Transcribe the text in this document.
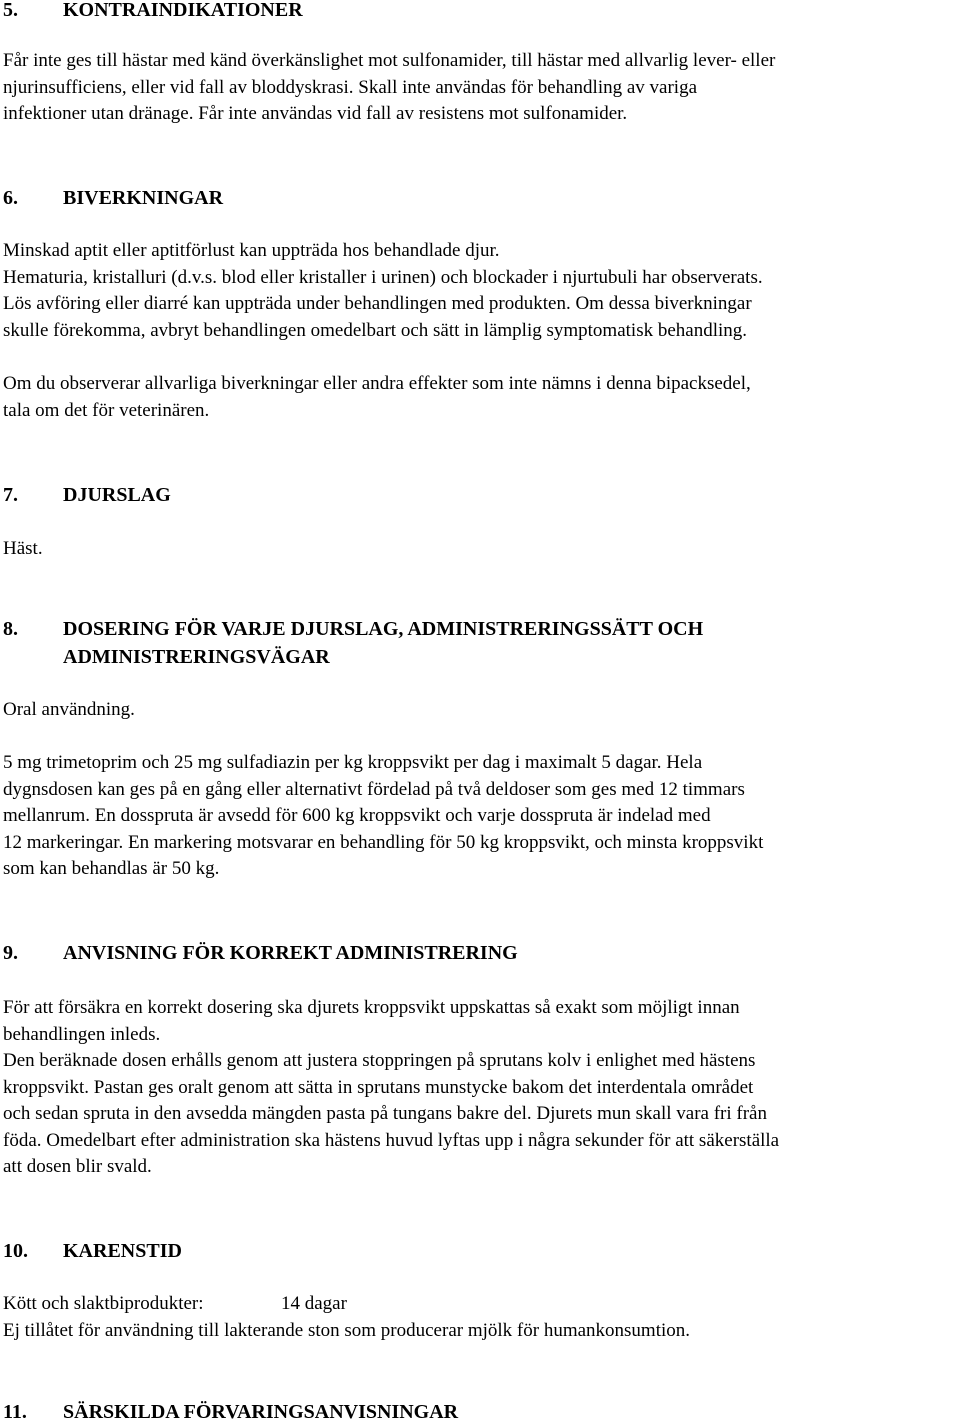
5. KONTRAINDIKATIONER
Får inte ges till hästar med känd överkänslighet mot sulfonamider, till hästar med allvarlig lever- eller
njurinsufficiens, eller vid fall av bloddyskrasi. Skall inte användas för behandling av variga
infektioner utan dränage. Får inte användas vid fall av resistens mot sulfonamider.
6. BIVERKNINGAR
Minskad aptit eller aptitförlust kan uppträda hos behandlade djur.
Hematuria, kristalluri (d.v.s. blod eller kristaller i urinen) och blockader i njurtubuli har observerats.
Lös avföring eller diarré kan uppträda under behandlingen med produkten. Om dessa biverkningar
skulle förekomma, avbryt behandlingen omedelbart och sätt in lämplig symptomatisk behandling.
Om du observerar allvarliga biverkningar eller andra effekter som inte nämns i denna bipacksedel,
tala om det för veterinären.
7. DJURSLAG
Häst.
8. DOSERING FÖR VARJE DJURSLAG, ADMINISTRERINGSSÄTT OCH
ADMINISTRERINGSVÄGAR
Oral användning.
5 mg trimetoprim och 25 mg sulfadiazin per kg kroppsvikt per dag i maximalt 5 dagar. Hela
dygnsdosen kan ges på en gång eller alternativt fördelad på två deldoser som ges med 12 timmars
mellanrum. En dosspruta är avsedd för 600 kg kroppsvikt och varje dosspruta är indelad med
12 markeringar. En markering motsvarar en behandling för 50 kg kroppsvikt, och minsta kroppsvikt
som kan behandlas är 50 kg.
9. ANVISNING FÖR KORREKT ADMINISTRERING
För att försäkra en korrekt dosering ska djurets kroppsvikt uppskattas så exakt som möjligt innan
behandlingen inleds.
Den beräknade dosen erhålls genom att justera stoppringen på sprutans kolv i enlighet med hästens
kroppsvikt. Pastan ges oralt genom att sätta in sprutans munstycke bakom det interdentala området
och sedan spruta in den avsedda mängden pasta på tungans bakre del. Djurets mun skall vara fri från
föda. Omedelbart efter administration ska hästens huvud lyftas upp i några sekunder för att säkerställa
att dosen blir svald.
10. KARENSTID
Kött och slaktbiprodukter:	14 dagar
Ej tillåtet för användning till lakterande ston som producerar mjölk för humankonsumtion.
11. SÄRSKILDA FÖRVARINGSANVISNINGAR
